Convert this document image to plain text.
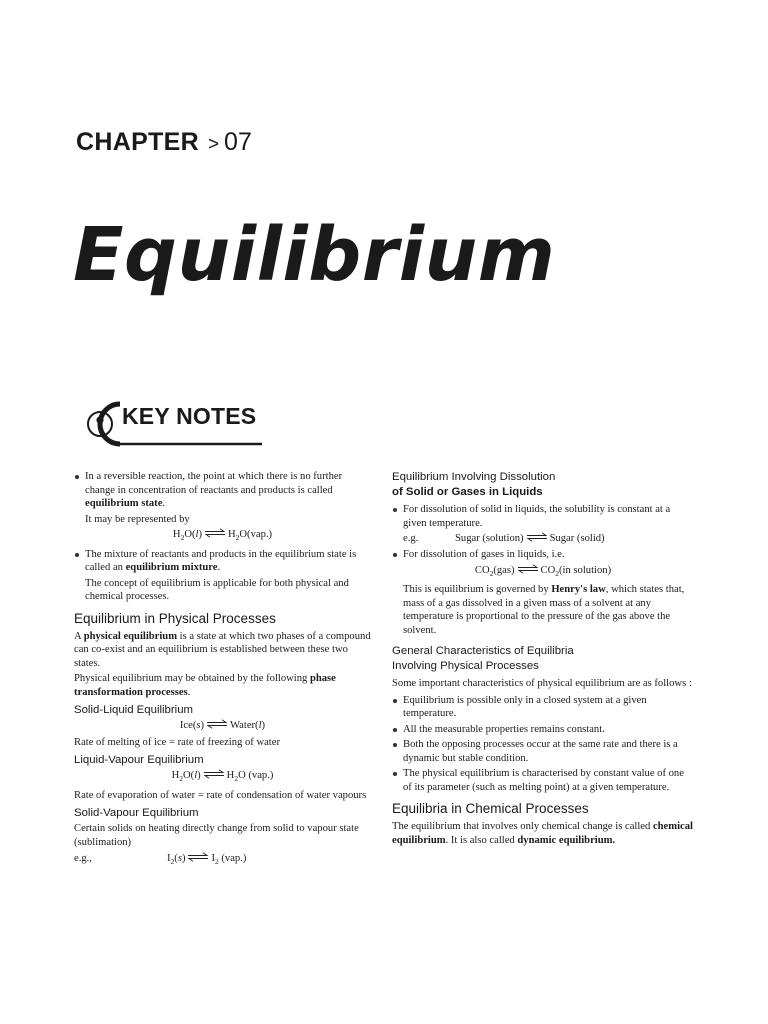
CHAPTER > 07
Equilibrium
KEY NOTES

In a reversible reaction, the point at which there is no further change in concentration of reactants and products is called equilibrium state.

It may be represented by

$H_2O(l)$ ⇌ $H_2O(vap.)$

The mixture of reactants and products in the equilibrium state is called an equilibrium mixture.

The concept of equilibrium is applicable for both physical and chemical processes.

Equilibrium in Physical Processes

A physical equilibrium is a state at which two phases of a compound can co-exist and an equilibrium is established between these two states.

Physical equilibrium may be obtained by the following phase transformation processes.

Solid-Liquid Equilibrium

Ice(s) ⇌ Water(l)

Rate of melting of ice = rate of freezing of water

Liquid-Vapour Equilibrium

$H_2O(l)$ ⇌ $H_2O$ (vap.)

Rate of evaporation of water = rate of condensation of water vapours

Solid-Vapour Equilibrium

Certain solids on heating directly change from solid to vapour state (sublimation)

e.g.,	$I_2(s)$ ⇌ $I_2$ (vap.)

Equilibrium Involving Dissolution
of Solid or Gases in Liquids

For dissolution of solid in liquids, the solubility is constant at a given temperature.

e.g.	Sugar (solution) ⇌ Sugar (solid)

For dissolution of gases in liquids, i.e.

$CO_2(gas)$ ⇌ $CO_2(in$ solution)

This is equilibrium is governed by Henry's law, which states that, mass of a gas dissolved in a given mass of a solvent at any temperature is proportional to the pressure of the gas above the solvent.

General Characteristics of Equilibria
Involving Physical Processes

Some important characteristics of physical equilibrium are as follows :

Equilibrium is possible only in a closed system at a given temperature.

All the measurable properties remains constant.

Both the opposing processes occur at the same rate and there is a dynamic but stable condition.

The physical equilibrium is characterised by constant value of one of its parameter (such as melting point) at a given temperature.

Equilibria in Chemical Processes

The equilibrium that involves only chemical change is called chemical equilibrium. It is also called dynamic equilibrium.
